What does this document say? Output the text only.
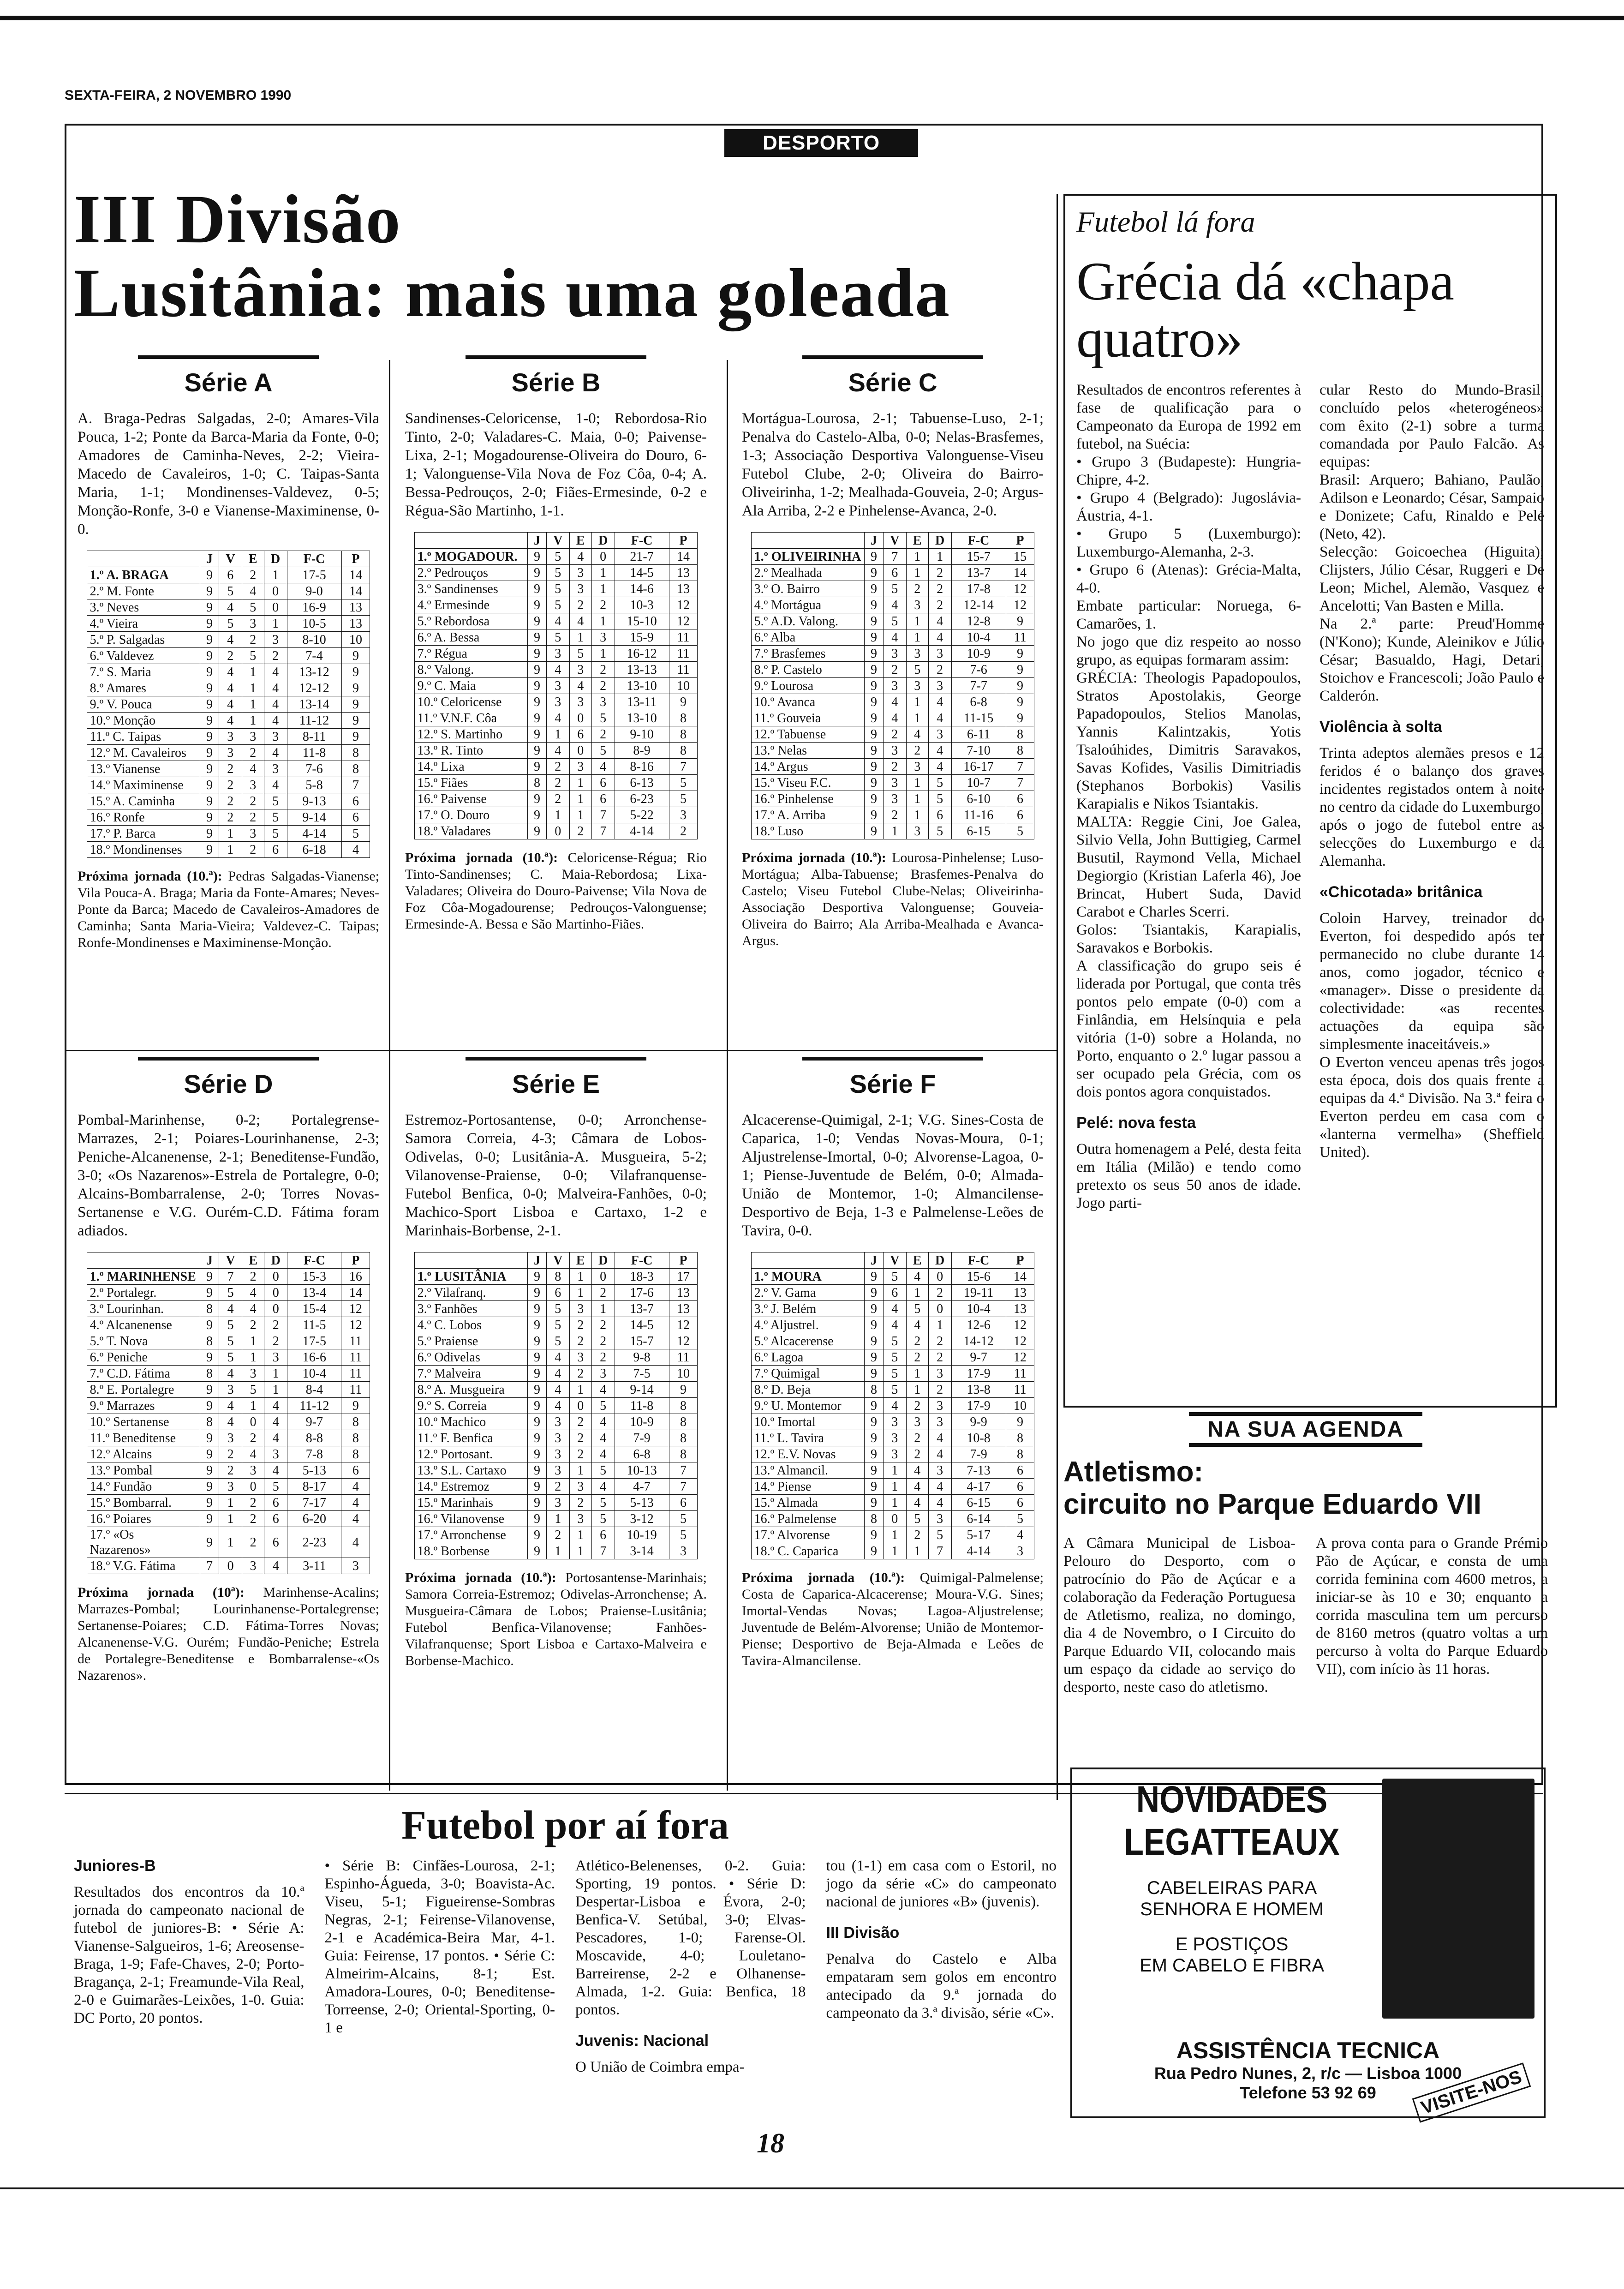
SEXTA-FEIRA, 2 NOVEMBRO 1990
DESPORTO
III Divisão
Lusitânia: mais uma goleada
Série A
A. Braga-Pedras Salgadas, 2-0; Amares-Vila Pouca, 1-2; Ponte da Barca-Maria da Fonte, 0-0; Amadores de Caminha-Neves, 2-2; Vieira-Macedo de Cavaleiros, 1-0; C. Taipas-Santa Maria, 1-1; Mondinenses-Valdevez, 0-5; Monção-Ronfe, 3-0 e Vianense-Maximinense, 0-0.
	J	V	E	D	F-C	P
1.º A. BRAGA	9	6	2	1	17-5	14
2.º M. Fonte	9	5	4	0	9-0	14
3.º Neves	9	4	5	0	16-9	13
4.º Vieira	9	5	3	1	10-5	13
5.º P. Salgadas	9	4	2	3	8-10	10
6.º Valdevez	9	2	5	2	7-4	9
7.º S. Maria	9	4	1	4	13-12	9
8.º Amares	9	4	1	4	12-12	9
9.º V. Pouca	9	4	1	4	13-14	9
10.º Monção	9	4	1	4	11-12	9
11.º C. Taipas	9	3	3	3	8-11	9
12.º M. Cavaleiros	9	3	2	4	11-8	8
13.º Vianense	9	2	4	3	7-6	8
14.º Maximinense	9	2	3	4	5-8	7
15.º A. Caminha	9	2	2	5	9-13	6
16.º Ronfe	9	2	2	5	9-14	6
17.º P. Barca	9	1	3	5	4-14	5
18.º Mondinenses	9	1	2	6	6-18	4
Próxima jornada (10.ª): Pedras Salgadas-Vianense; Vila Pouca-A. Braga; Maria da Fonte-Amares; Neves-Ponte da Barca; Macedo de Cavaleiros-Amadores de Caminha; Santa Maria-Vieira; Valdevez-C. Taipas; Ronfe-Mondinenses e Maximinense-Monção.
Série B
Sandinenses-Celoricense, 1-0; Rebordosa-Rio Tinto, 2-0; Valadares-C. Maia, 0-0; Paivense-Lixa, 2-1; Mogadourense-Oliveira do Douro, 6-1; Valonguense-Vila Nova de Foz Côa, 0-4; A. Bessa-Pedrouços, 2-0; Fiães-Ermesinde, 0-2 e Régua-São Martinho, 1-1.
	J	V	E	D	F-C	P
1.º MOGADOUR.	9	5	4	0	21-7	14
2.º Pedrouços	9	5	3	1	14-5	13
3.º Sandinenses	9	5	3	1	14-6	13
4.º Ermesinde	9	5	2	2	10-3	12
5.º Rebordosa	9	4	4	1	15-10	12
6.º A. Bessa	9	5	1	3	15-9	11
7.º Régua	9	3	5	1	16-12	11
8.º Valong.	9	4	3	2	13-13	11
9.º C. Maia	9	3	4	2	13-10	10
10.º Celoricense	9	3	3	3	13-11	9
11.º V.N.F. Côa	9	4	0	5	13-10	8
12.º S. Martinho	9	1	6	2	9-10	8
13.º R. Tinto	9	4	0	5	8-9	8
14.º Lixa	9	2	3	4	8-16	7
15.º Fiães	8	2	1	6	6-13	5
16.º Paivense	9	2	1	6	6-23	5
17.º O. Douro	9	1	1	7	5-22	3
18.º Valadares	9	0	2	7	4-14	2
Próxima jornada (10.ª): Celoricense-Régua; Rio Tinto-Sandinenses; C. Maia-Rebordosa; Lixa-Valadares; Oliveira do Douro-Paivense; Vila Nova de Foz Côa-Mogadourense; Pedrouços-Valonguense; Ermesinde-A. Bessa e São Martinho-Fiães.
Série C
Mortágua-Lourosa, 2-1; Tabuense-Luso, 2-1; Penalva do Castelo-Alba, 0-0; Nelas-Brasfemes, 1-3; Associação Desportiva Valonguense-Viseu Futebol Clube, 2-0; Oliveira do Bairro-Oliveirinha, 1-2; Mealhada-Gouveia, 2-0; Argus-Ala Arriba, 2-2 e Pinhelense-Avanca, 2-0.
	J	V	E	D	F-C	P
1.º OLIVEIRINHA	9	7	1	1	15-7	15
2.º Mealhada	9	6	1	2	13-7	14
3.º O. Bairro	9	5	2	2	17-8	12
4.º Mortágua	9	4	3	2	12-14	12
5.º A.D. Valong.	9	5	1	4	12-8	9
6.º Alba	9	4	1	4	10-4	11
7.º Brasfemes	9	3	3	3	10-9	9
8.º P. Castelo	9	2	5	2	7-6	9
9.º Lourosa	9	3	3	3	7-7	9
10.º Avanca	9	4	1	4	6-8	9
11.º Gouveia	9	4	1	4	11-15	9
12.º Tabuense	9	2	4	3	6-11	8
13.º Nelas	9	3	2	4	7-10	8
14.º Argus	9	2	3	4	16-17	7
15.º Viseu F.C.	9	3	1	5	10-7	7
16.º Pinhelense	9	3	1	5	6-10	6
17.º A. Arriba	9	2	1	6	11-16	6
18.º Luso	9	1	3	5	6-15	5
Próxima jornada (10.ª): Lourosa-Pinhelense; Luso-Mortágua; Alba-Tabuense; Brasfemes-Penalva do Castelo; Viseu Futebol Clube-Nelas; Oliveirinha-Associação Desportiva Valonguense; Gouveia-Oliveira do Bairro; Ala Arriba-Mealhada e Avanca-Argus.
Série D
Pombal-Marinhense, 0-2; Portalegrense-Marrazes, 2-1; Poiares-Lourinhanense, 2-3; Peniche-Alcanenense, 2-1; Beneditense-Fundão, 3-0; «Os Nazarenos»-Estrela de Portalegre, 0-0; Alcains-Bombarralense, 2-0; Torres Novas-Sertanense e V.G. Ourém-C.D. Fátima foram adiados.
	J	V	E	D	F-C	P
1.º MARINHENSE	9	7	2	0	15-3	16
2.º Portalegr.	9	5	4	0	13-4	14
3.º Lourinhan.	8	4	4	0	15-4	12
4.º Alcanenense	9	5	2	2	11-5	12
5.º T. Nova	8	5	1	2	17-5	11
6.º Peniche	9	5	1	3	16-6	11
7.º C.D. Fátima	8	4	3	1	10-4	11
8.º E. Portalegre	9	3	5	1	8-4	11
9.º Marrazes	9	4	1	4	11-12	9
10.º Sertanense	8	4	0	4	9-7	8
11.º Beneditense	9	3	2	4	8-8	8
12.º Alcains	9	2	4	3	7-8	8
13.º Pombal	9	2	3	4	5-13	6
14.º Fundão	9	3	0	5	8-17	4
15.º Bombarral.	9	1	2	6	7-17	4
16.º Poiares	9	1	2	6	6-20	4
17.º «Os Nazarenos»	9	1	2	6	2-23	4
18.º V.G. Fátima	7	0	3	4	3-11	3
Próxima jornada (10ª): Marinhense-Acalins; Marrazes-Pombal; Lourinhanense-Portalegrense; Sertanense-Poiares; C.D. Fátima-Torres Novas; Alcanenense-V.G. Ourém; Fundão-Peniche; Estrela de Portalegre-Beneditense e Bombarralense-«Os Nazarenos».
Série E
Estremoz-Portosantense, 0-0; Arronchense-Samora Correia, 4-3; Câmara de Lobos-Odivelas, 0-0; Lusitânia-A. Musgueira, 5-2; Vilanovense-Praiense, 0-0; Vilafranquense-Futebol Benfica, 0-0; Malveira-Fanhões, 0-0; Machico-Sport Lisboa e Cartaxo, 1-2 e Marinhais-Borbense, 2-1.
	J	V	E	D	F-C	P
1.º LUSITÂNIA	9	8	1	0	18-3	17
2.º Vilafranq.	9	6	1	2	17-6	13
3.º Fanhões	9	5	3	1	13-7	13
4.º C. Lobos	9	5	2	2	14-5	12
5.º Praiense	9	5	2	2	15-7	12
6.º Odivelas	9	4	3	2	9-8	11
7.º Malveira	9	4	2	3	7-5	10
8.º A. Musgueira	9	4	1	4	9-14	9
9.º S. Correia	9	4	0	5	11-8	8
10.º Machico	9	3	2	4	10-9	8
11.º F. Benfica	9	3	2	4	7-9	8
12.º Portosant.	9	3	2	4	6-8	8
13.º S.L. Cartaxo	9	3	1	5	10-13	7
14.º Estremoz	9	2	3	4	4-7	7
15.º Marinhais	9	3	2	5	5-13	6
16.º Vilanovense	9	1	3	5	3-12	5
17.º Arronchense	9	2	1	6	10-19	5
18.º Borbense	9	1	1	7	3-14	3
Próxima jornada (10.ª): Portosantense-Marinhais; Samora Correia-Estremoz; Odivelas-Arronchense; A. Musgueira-Câmara de Lobos; Praiense-Lusitânia; Futebol Benfica-Vilanovense; Fanhões-Vilafranquense; Sport Lisboa e Cartaxo-Malveira e Borbense-Machico.
Série F
Alcacerense-Quimigal, 2-1; V.G. Sines-Costa de Caparica, 1-0; Vendas Novas-Moura, 0-1; Aljustrelense-Imortal, 0-0; Alvorense-Lagoa, 0-1; Piense-Juventude de Belém, 0-0; Almada-União de Montemor, 1-0; Almancilense-Desportivo de Beja, 1-3 e Palmelense-Leões de Tavira, 0-0.
	J	V	E	D	F-C	P
1.º MOURA	9	5	4	0	15-6	14
2.º V. Gama	9	6	1	2	19-11	13
3.º J. Belém	9	4	5	0	10-4	13
4.º Aljustrel.	9	4	4	1	12-6	12
5.º Alcacerense	9	5	2	2	14-12	12
6.º Lagoa	9	5	2	2	9-7	12
7.º Quimigal	9	5	1	3	17-9	11
8.º D. Beja	8	5	1	2	13-8	11
9.º U. Montemor	9	4	2	3	17-9	10
10.º Imortal	9	3	3	3	9-9	9
11.º L. Tavira	9	3	2	4	10-8	8
12.º E.V. Novas	9	3	2	4	7-9	8
13.º Almancil.	9	1	4	3	7-13	6
14.º Piense	9	1	4	4	4-17	6
15.º Almada	9	1	4	4	6-15	6
16.º Palmelense	8	0	5	3	6-14	5
17.º Alvorense	9	1	2	5	5-17	4
18.º C. Caparica	9	1	1	7	4-14	3
Próxima jornada (10.ª): Quimigal-Palmelense; Costa de Caparica-Alcacerense; Moura-V.G. Sines; Imortal-Vendas Novas; Lagoa-Aljustrelense; Juventude de Belém-Alvorense; União de Montemor-Piense; Desportivo de Beja-Almada e Leões de Tavira-Almancilense.
Futebol lá fora
Grécia dá «chapa quatro»

Resultados de encontros referentes à fase de qualificação para o Campeonato da Europa de 1992 em futebol, na Suécia:

• Grupo 3 (Budapeste): Hungria-Chipre, 4-2.

• Grupo 4 (Belgrado): Jugoslávia-Áustria, 4-1.

• Grupo 5 (Luxemburgo): Luxemburgo-Alemanha, 2-3.

• Grupo 6 (Atenas): Grécia-Malta, 4-0.

Embate particular: Noruega, 6-Camarões, 1.

No jogo que diz respeito ao nosso grupo, as equipas formaram assim:

GRÉCIA: Theologis Papadopoulos, Stratos Apostolakis, George Papadopoulos, Stelios Manolas, Yannis Kalintzakis, Yotis Tsaloúhides, Dimitris Saravakos, Savas Kofides, Vasilis Dimitriadis (Stephanos Borbokis) Vasilis Karapialis e Nikos Tsiantakis.

MALTA: Reggie Cini, Joe Galea, Silvio Vella, John Buttigieg, Carmel Busutil, Raymond Vella, Michael Degiorgio (Kristian Laferla 46), Joe Brincat, Hubert Suda, David Carabot e Charles Scerri.

Golos: Tsiantakis, Karapialis, Saravakos e Borbokis.

A classificação do grupo seis é liderada por Portugal, que conta três pontos pelo empate (0-0) com a Finlândia, em Helsínquia e pela vitória (1-0) sobre a Holanda, no Porto, enquanto o 2.º lugar passou a ser ocupado pela Grécia, com os dois pontos agora conquistados.

Pelé: nova festa

Outra homenagem a Pelé, desta feita em Itália (Milão) e tendo como pretexto os seus 50 anos de idade. Jogo parti-

cular Resto do Mundo-Brasil, concluído pelos «heterogéneos» com êxito (2-1) sobre a turma comandada por Paulo Falcão. As equipas:

Brasil: Arquero; Bahiano, Paulão, Adilson e Leonardo; César, Sampaio e Donizete; Cafu, Rinaldo e Pelé (Neto, 42).

Selecção: Goicoechea (Higuita); Clijsters, Júlio César, Ruggeri e De Leon; Michel, Alemão, Vasquez e Ancelotti; Van Basten e Milla.

Na 2.ª parte: Preud'Homme (N'Kono); Kunde, Aleinikov e Júlio César; Basualdo, Hagi, Detari, Stoichov e Francescoli; João Paulo e Calderón.

Violência à solta

Trinta adeptos alemães presos e 12 feridos é o balanço dos graves incidentes registados ontem à noite no centro da cidade do Luxemburgo, após o jogo de futebol entre as selecções do Luxemburgo e da Alemanha.

«Chicotada» britânica

Coloin Harvey, treinador do Everton, foi despedido após ter permanecido no clube durante 14 anos, como jogador, técnico e «manager». Disse o presidente da colectividade: «as recentes actuações da equipa são simplesmente inaceitáveis.»

O Everton venceu apenas três jogos esta época, dois dos quais frente a equipas da 4.ª Divisão. Na 3.ª feira o Everton perdeu em casa com o «lanterna vermelha» (Sheffield United).

NA SUA AGENDA
Atletismo:
circuito no Parque Eduardo VII
A Câmara Municipal de Lisboa-Pelouro do Desporto, com o patrocínio do Pão de Açúcar e a colaboração da Federação Portuguesa de Atletismo, realiza, no domingo, dia 4 de Novembro, o I Circuito do Parque Eduardo VII, colocando mais um espaço da cidade ao serviço do desporto, neste caso do atletismo.
A prova conta para o Grande Prémio Pão de Açúcar, e consta de uma corrida feminina com 4600 metros, a iniciar-se às 10 e 30; enquanto a corrida masculina tem um percurso de 8160 metros (quatro voltas a um percurso à volta do Parque Eduardo VII), com início às 11 horas.
Futebol por aí fora
Juniores-B
Resultados dos encontros da 10.ª jornada do campeonato nacional de futebol de juniores-B: • Série A: Vianense-Salgueiros, 1-6; Areosense-Braga, 1-9; Fafe-Chaves, 2-0; Porto-Bragança, 2-1; Freamunde-Vila Real, 2-0 e Guimarães-Leixões, 1-0. Guia: DC Porto, 20 pontos.
• Série B: Cinfães-Lourosa, 2-1; Espinho-Águeda, 3-0; Boavista-Ac. Viseu, 5-1; Figueirense-Sombras Negras, 2-1; Feirense-Vilanovense, 2-1 e Académica-Beira Mar, 4-1. Guia: Feirense, 17 pontos. • Série C: Almeirim-Alcains, 8-1; Est. Amadora-Loures, 0-0; Beneditense-Torreense, 2-0; Oriental-Sporting, 0-1 e
Atlético-Belenenses, 0-2. Guia: Sporting, 19 pontos. • Série D: Despertar-Lisboa e Évora, 2-0; Benfica-V. Setúbal, 3-0; Elvas-Pescadores, 1-0; Farense-Ol. Moscavide, 4-0; Louletano-Barreirense, 2-2 e Olhanense-Almada, 1-2. Guia: Benfica, 18 pontos.
Juvenis: Nacional
O União de Coimbra empa-
tou (1-1) em casa com o Estoril, no jogo da série «C» do campeonato nacional de juniores «B» (juvenis).
III Divisão
Penalva do Castelo e Alba empataram sem golos em encontro antecipado da 9.ª jornada do campeonato da 3.ª divisão, série «C».
NOVIDADES
LEGATTEAUX
CABELEIRAS PARA
SENHORA E HOMEM
E POSTIÇOS
EM CABELO E FIBRA
ASSISTÊNCIA TECNICA
Rua Pedro Nunes, 2, r/c — Lisboa 1000
Telefone 53 92 69	VISITE-NOS
18
